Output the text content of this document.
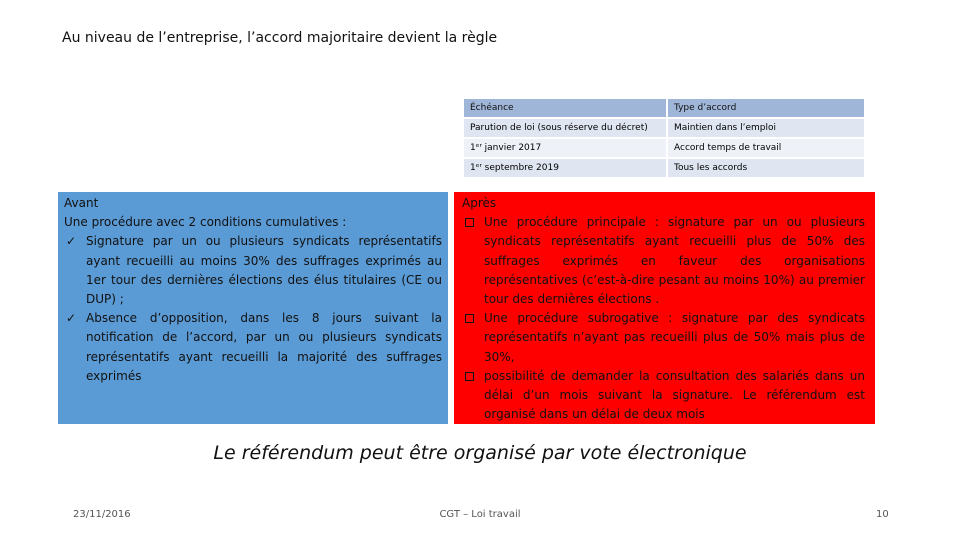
Au niveau de l’entreprise, l’accord majoritaire devient la règle
Échéance	Type d’accord
Parution de loi (sous réserve du décret)	Maintien dans l’emploi
1ᵉʳ janvier 2017	Accord temps de travail
1ᵉʳ septembre 2019	Tous les accords
Avant
Une procédure avec 2 conditions cumulatives :
✓ Signature par un ou plusieurs syndicats représentatifs ayant recueilli au moins 30% des suffrages exprimés au 1er tour des dernières élections des élus titulaires (CE ou DUP) ;
✓ Absence d’opposition, dans les 8 jours suivant la notification de l’accord, par un ou plusieurs syndicats représentatifs ayant recueilli la majorité des suffrages exprimés
Après
Une procédure principale : signature par un ou plusieurs syndicats représentatifs ayant recueilli plus de 50% des suffrages exprimés en faveur des organisations représentatives (c’est-à-dire pesant au moins 10%) au premier tour des dernières élections .
Une procédure subrogative : signature par des syndicats représentatifs n’ayant pas recueilli plus de 50% mais plus de 30%,
possibilité de demander la consultation des salariés dans un délai d’un mois suivant la signature. Le référendum est organisé dans un délai de deux mois
Le référendum peut être organisé par vote électronique
23/11/2016	CGT – Loi travail	10
